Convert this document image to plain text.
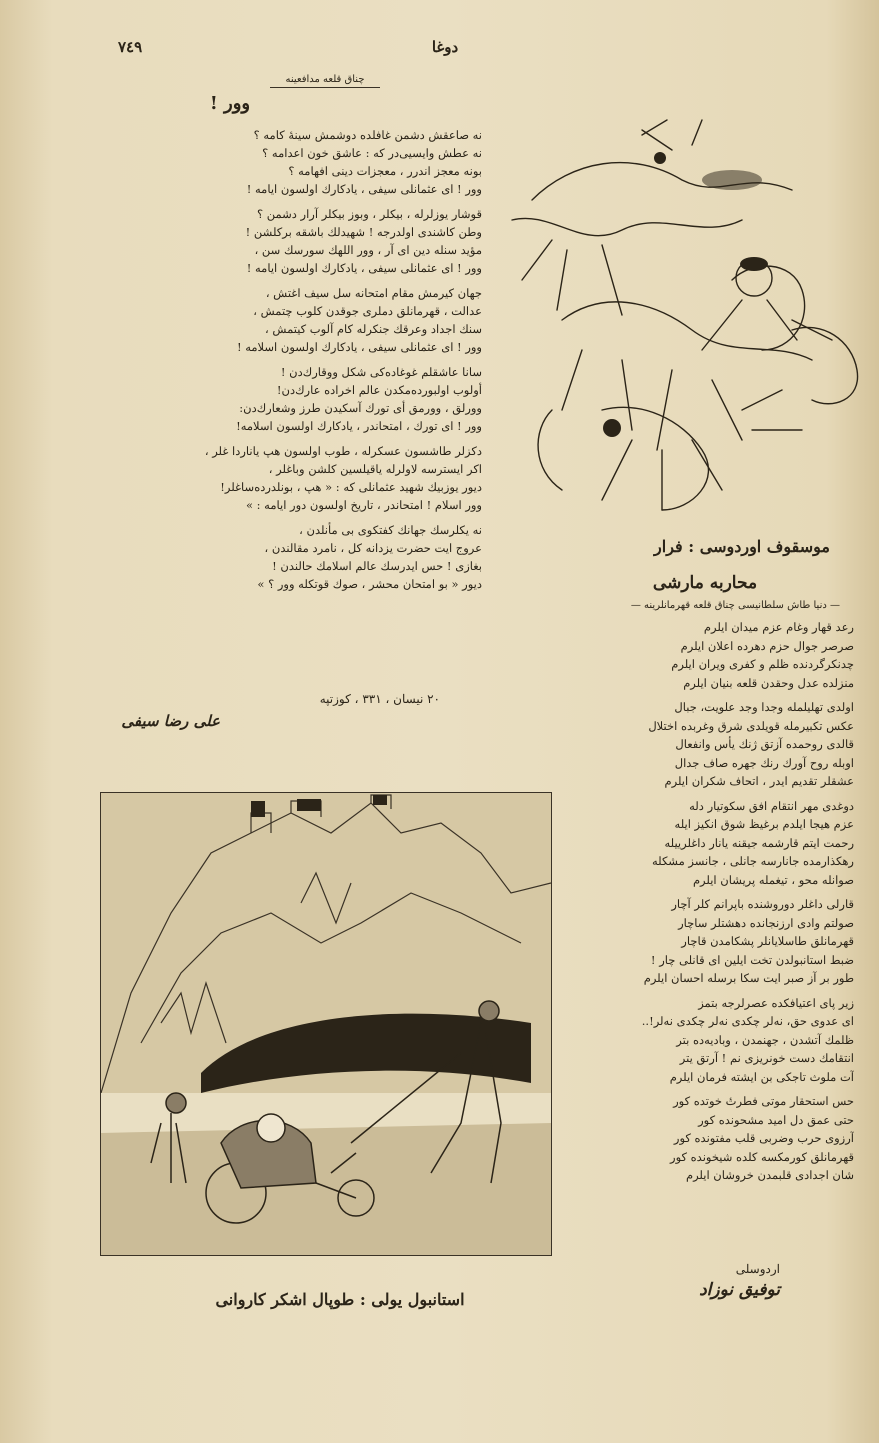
٧٤٩	دوغا
چناق قلعه مدافعینه
وور !
نه صاعقش دشمن غافلده دوشمش سینهٔ كامه ؟
نه عطش وایسیی‌در که : عاشق خون اعدامه ؟
بونه معجز اندرر ، معجزات دینی افهامه ؟
وور ! ای عثمانلی سیفی ، یادكارك اولسون ایامه !
قوشار یوزلرله ، بیكلر ، وبوز بیكلر آرار دشمن ؟
وطن كاشندی اولدرجه ! شهیدلك باشقه بركلشن !
مؤید سنله دین ای آر ، وور اللهك سورسك سن ،
وور ! ای عثمانلی سیفی ، یادكارك اولسون ایامه !
جهان كیرمش مقام امتحانه سل سیف اغتش ،
عدالت ، قهرمانلق دملری جوقدن كلوب چتمش ،
سنك اجداد وعرقك جنكرله كام آلوب كیتمش ،
وور ! ای عثمانلی سیفی ، یادكارك اولسون اسلامه !
سانا عاشقلم غوغاده‌كی شكل ووقارك‌دن !
أولوب اولبورده‌مكدن عالم اخراده عارك‌دن!
وورلق ، وورمق أی تورك آسكیدن طرز وشعارك‌دن:
وور ! ای تورك ، امتحاندر ، یادكارك اولسون اسلامه!
دكزلر طاشسون عسكرله ، طوب اولسون هپ یاناردا غلر ،
اكر ایسترسه لاولرله یاقیلسین كلشن وباغلر ،
دیور یوزبیك شهید عثمانلی كه : « هپ ، بونلدرده‌ساغلر!
وور اسلام ! امتحاندر ، تاریخ اولسون دور ایامه : »
نه یكلرسك جهانك كفتكوی بی مأنلدن ،
عروج ایت حضرت یزدانه كل ، نامرد مقالندن ،
بغازی ! حس ایدرسك عالم اسلامك حالندن !
دیور « بو امتحان محشر ، صوك قوتكله وور ؟ »
٢٠ نیسان ، ٣٣١ ، كوزتپه
علی رضا سیفی
موسقوف اوردوسی : فرار
محاربه مارشی
— دنیا طاش سلطانیسی چناق قلعه قهرمانلرینه —
رعد قهار وغام عزم میدان ایلرم
صرصر جوال حزم دهرده اعلان ایلرم
چدنكرگردنده ظلم و كفری ویران ایلرم
منزلده عدل وحقدن قلعه بنیان ایلرم
اولدی تهلیلمله وجدا وجد علویت، جبال
عكس تكبیرمله قویلدی شرق وغربده اختلال
قالدی روحمده آزتق ژنك یأس وانفعال
اوبله روح آورك رنك جهره صاف جدال
عشقلر تقدیم ایدر ، اتحاف شكران ایلرم
دوغدی مهر انتقام افق سكوتیار دله
عزم هیجا ایلدم برغیظ شوق انكیز ایله
رحمت ایتم قارشمه جیقنه یانار داغلرییله
رهكذارمده جانارسه جانلی ، جانسز مشكله
صوانله محو ، تیغمله پریشان ایلرم
قارلی داغلر دوروشنده باپرانم كلر آچار
صولتم وادی ارزنجانده دهشتلر ساچار
قهرمانلق طاسلایانلر پشكامدن قاچار
ضبط استانبولدن تخت ایلین ای قانلی چار !
طور بر آز صبر ایت سكا برسله احسان ایلرم
زیر پای اعتیافكده عصرلرجه بتمز
ای عدوی حق، نه‌لر چكدی نه‌لر چكدی نه‌لر!..
ظلمك آتشدن ، جهنمدن ، وبادیه‌ده بتر
انتقامك دست خونریزی نم ! آرتق یتر
آت ملوث تاجكی بن ایشته فرمان ایلرم
حس استحقار موتی فطرتٔ خوتده كور
حتی عمق دل امید مشحونده كور
آرزوی حرب وضربی قلب مفتونده كور
قهرمانلق كورمكسه كلده شیخونده كور
شان اجدادی قلبمدن خروشان ایلرم
اردوسلی
توفیق نوزاد
استانبول یولی : طوپال اشكر كاروانی
